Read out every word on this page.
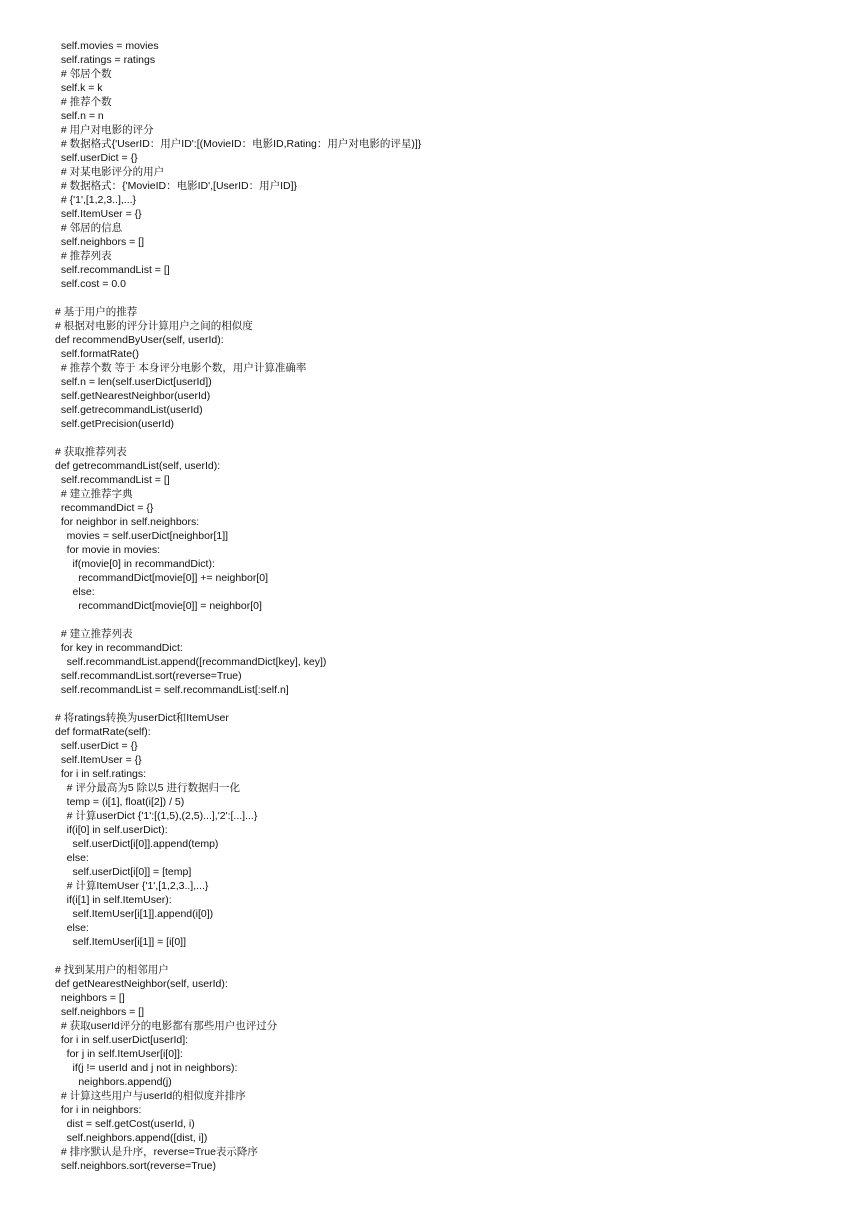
self.movies = movies
self.ratings = ratings
# 邻居个数
self.k = k
# 推荐个数
self.n = n
# 用户对电影的评分
# 数据格式{'UserID：用户ID':[(MovieID：电影ID,Rating：用户对电影的评星)]}
self.userDict = {}
# 对某电影评分的用户
# 数据格式：{'MovieID：电影ID',[UserID：用户ID]}
# {'1',[1,2,3..],...}
self.ItemUser = {}
# 邻居的信息
self.neighbors = []
# 推荐列表
self.recommandList = []
self.cost = 0.0
# 基于用户的推荐
# 根据对电影的评分计算用户之间的相似度
def recommendByUser(self, userId):
self.formatRate()
# 推荐个数 等于 本身评分电影个数，用户计算准确率
self.n = len(self.userDict[userId])
self.getNearestNeighbor(userId)
self.getrecommandList(userId)
self.getPrecision(userId)
# 获取推荐列表
def getrecommandList(self, userId):
self.recommandList = []
# 建立推荐字典
recommandDict = {}
for neighbor in self.neighbors:
movies = self.userDict[neighbor[1]]
for movie in movies:
if(movie[0] in recommandDict):
recommandDict[movie[0]] += neighbor[0]
else:
recommandDict[movie[0]] = neighbor[0]
# 建立推荐列表
for key in recommandDict:
self.recommandList.append([recommandDict[key], key])
self.recommandList.sort(reverse=True)
self.recommandList = self.recommandList[:self.n]
# 将ratings转换为userDict和ItemUser
def formatRate(self):
self.userDict = {}
self.ItemUser = {}
for i in self.ratings:
# 评分最高为5 除以5 进行数据归一化
temp = (i[1], float(i[2]) / 5)
# 计算userDict {'1':[(1,5),(2,5)...],'2':[...]...}
if(i[0] in self.userDict):
self.userDict[i[0]].append(temp)
else:
self.userDict[i[0]] = [temp]
# 计算ItemUser {'1',[1,2,3..],...}
if(i[1] in self.ItemUser):
self.ItemUser[i[1]].append(i[0])
else:
self.ItemUser[i[1]] = [i[0]]
# 找到某用户的相邻用户
def getNearestNeighbor(self, userId):
neighbors = []
self.neighbors = []
# 获取userId评分的电影都有那些用户也评过分
for i in self.userDict[userId]:
for j in self.ItemUser[i[0]]:
if(j != userId and j not in neighbors):
neighbors.append(j)
# 计算这些用户与userId的相似度并排序
for i in neighbors:
dist = self.getCost(userId, i)
self.neighbors.append([dist, i])
# 排序默认是升序，reverse=True表示降序
self.neighbors.sort(reverse=True)
